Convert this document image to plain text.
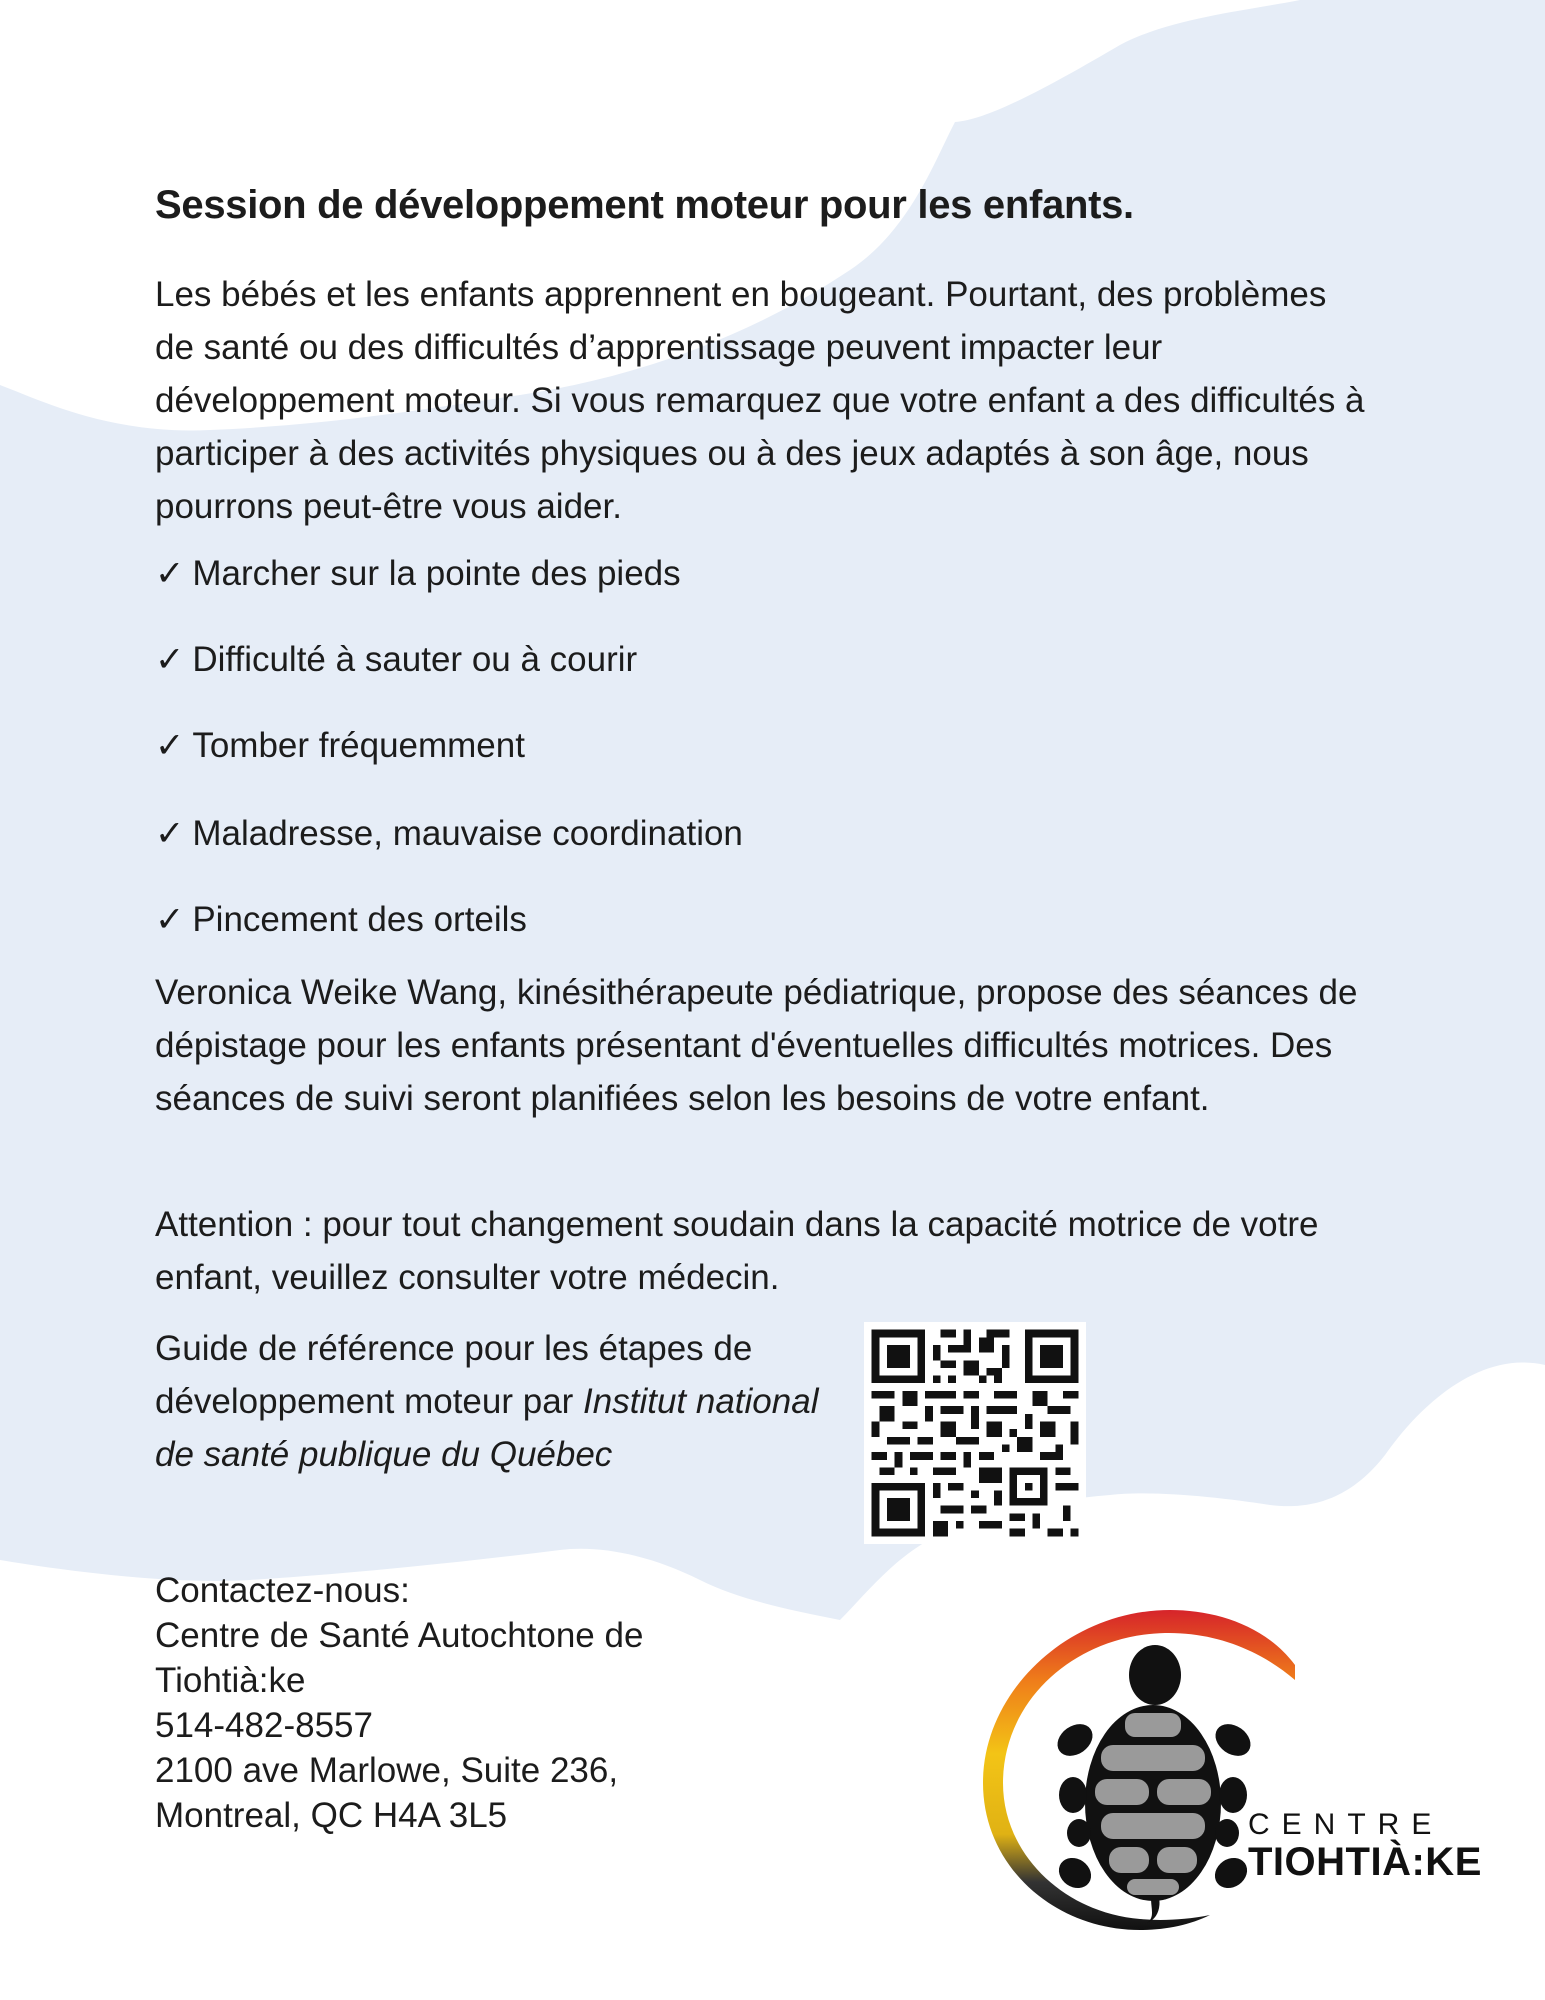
Session de développement moteur pour les enfants.

Les bébés et les enfants apprennent en bougeant. Pourtant, des problèmes de santé ou des difficultés d’apprentissage peuvent impacter leur développement moteur. Si vous remarquez que votre enfant a des difficultés à participer à des activités physiques ou à des jeux adaptés à son âge, nous pourrons peut-être vous aider.

✓ Marcher sur la pointe des pieds
✓ Difficulté à sauter ou à courir
✓ Tomber fréquemment
✓ Maladresse, mauvaise coordination
✓ Pincement des orteils

Veronica Weike Wang, kinésithérapeute pédiatrique, propose des séances de dépistage pour les enfants présentant d'éventuelles difficultés motrices. Des séances de suivi seront planifiées selon les besoins de votre enfant.

Attention : pour tout changement soudain dans la capacité motrice de votre enfant, veuillez consulter votre médecin.

Guide de référence pour les étapes de développement moteur par Institut national de santé publique du Québec

Contactez-nous:
Centre de Santé Autochtone de
Tiohtià:ke
514-482-8557
2100 ave Marlowe, Suite 236,
Montreal, QC H4A 3L5	CENTRE
TIOHTIÀ:KE
